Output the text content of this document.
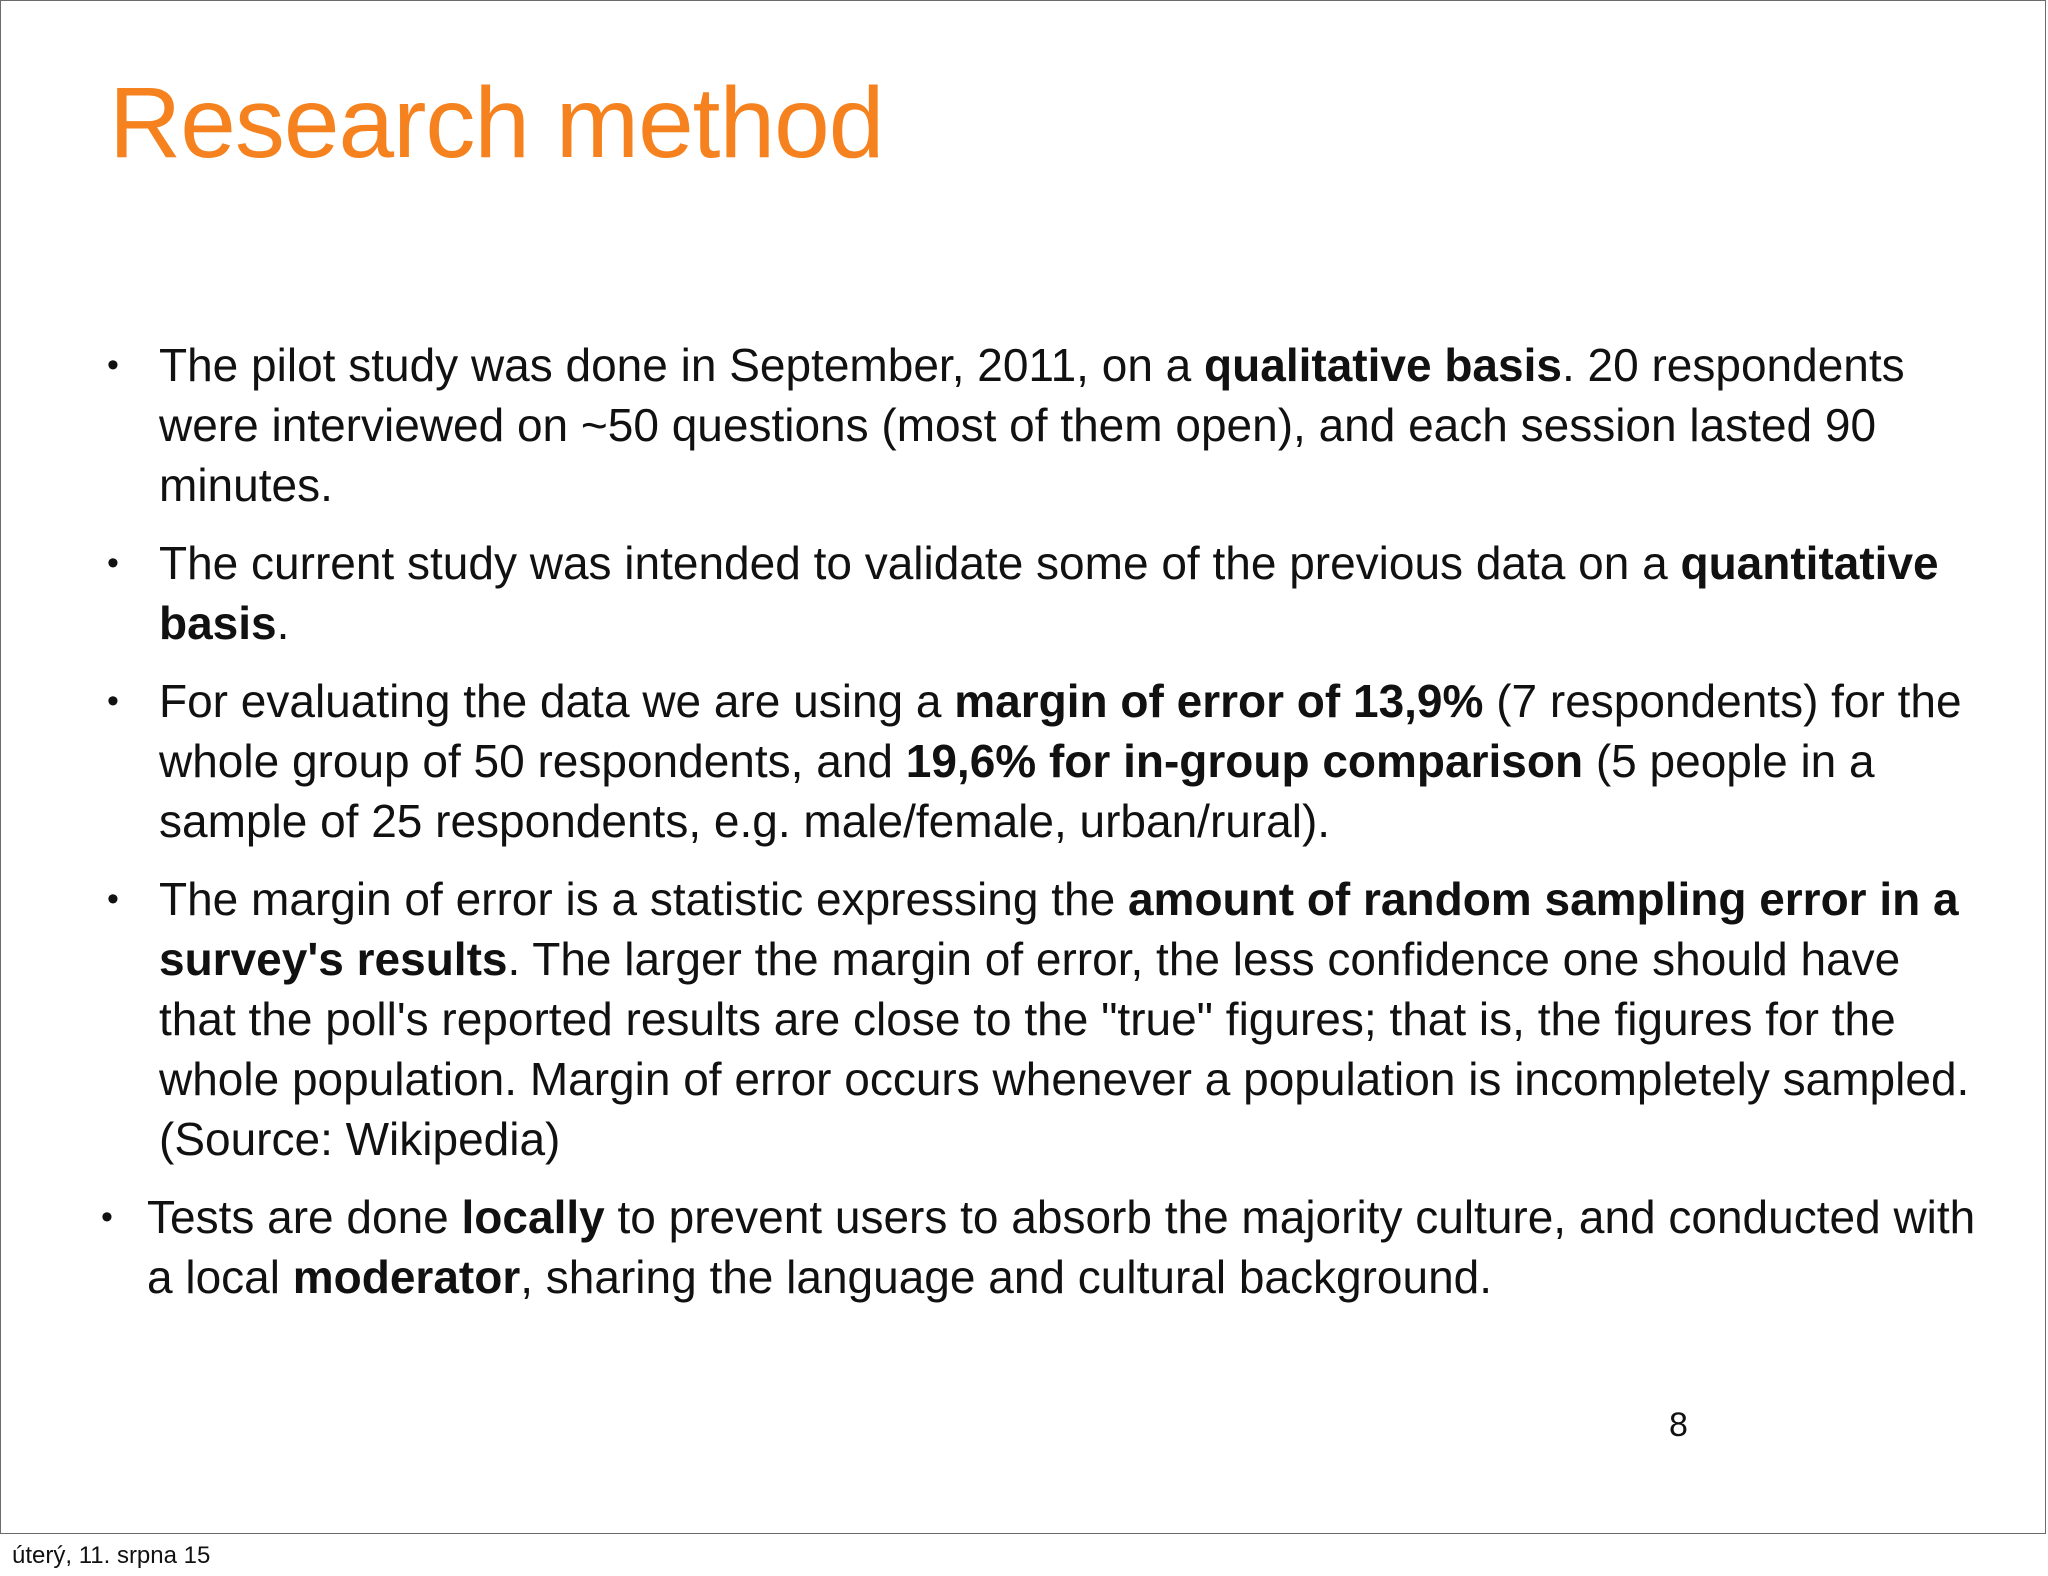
Research method
• The pilot study was done in September, 2011, on a qualitative basis. 20 respondents were interviewed on ~50 questions (most of them open), and each session lasted 90 minutes.
• The current study was intended to validate some of the previous data on a quantitative basis.
• For evaluating the data we are using a margin of error of 13,9% (7 respondents) for the whole group of 50 respondents, and 19,6% for in-group comparison (5 people in a sample of 25 respondents, e.g. male/female, urban/rural).
• The margin of error is a statistic expressing the amount of random sampling error in a survey's results. The larger the margin of error, the less confidence one should have that the poll's reported results are close to the "true" figures; that is, the figures for the whole population. Margin of error occurs whenever a population is incompletely sampled. (Source: Wikipedia)
• Tests are done locally to prevent users to absorb the majority culture, and conducted with a local moderator, sharing the language and cultural background.
8
úterý, 11. srpna 15
